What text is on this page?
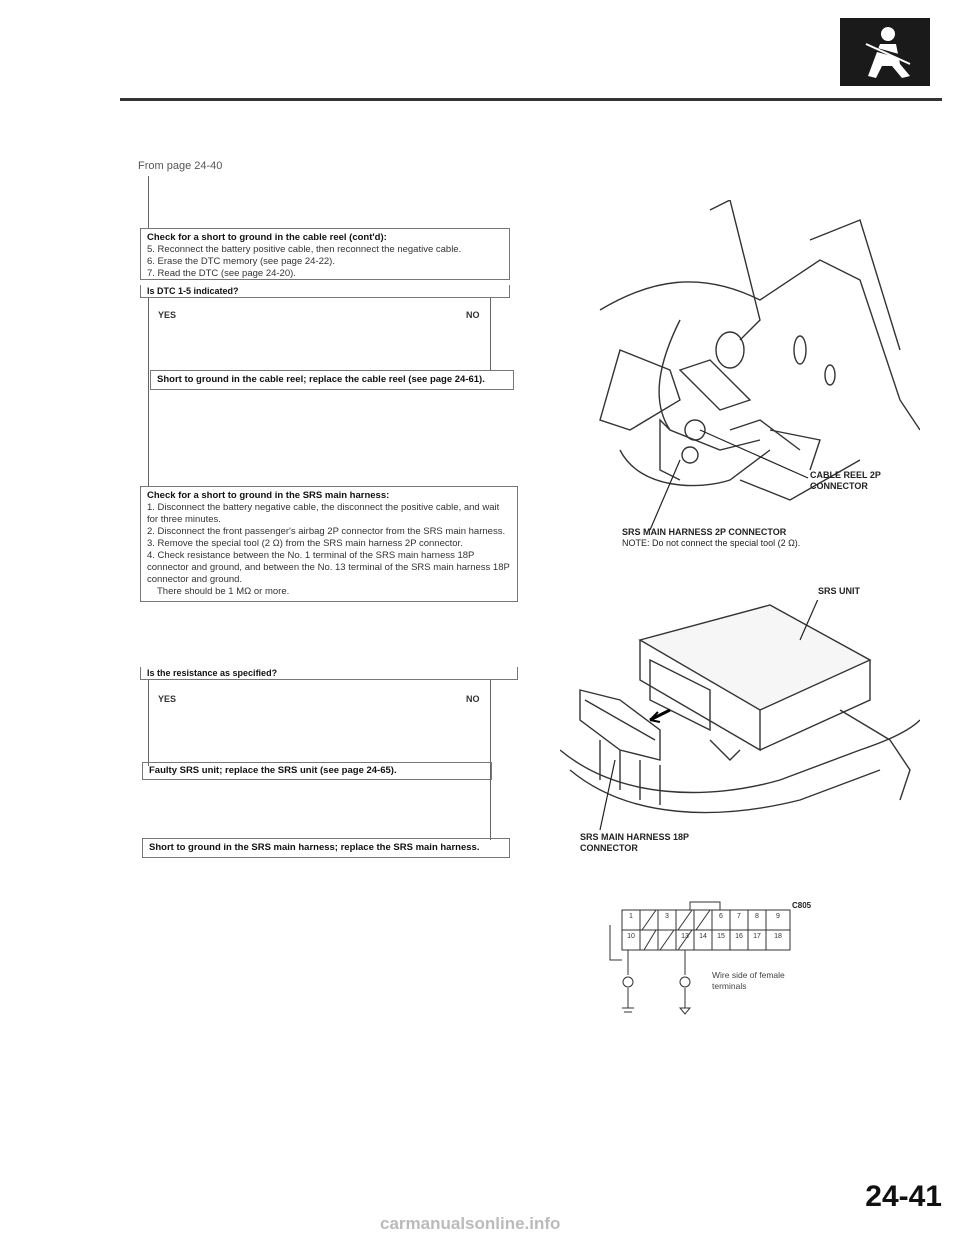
From page 24-40
Check for a short to ground in the cable reel (cont'd):
5. Reconnect the battery positive cable, then reconnect the negative cable.
6. Erase the DTC memory (see page 24-22).
7. Read the DTC (see page 24-20).
Is DTC 1-5 indicated?
YES	NO
Short to ground in the cable reel; replace the cable reel (see page 24-61).
Check for a short to ground in the SRS main harness:
1. Disconnect the battery negative cable, the disconnect the positive cable, and wait for three minutes.
2. Disconnect the front passenger's airbag 2P connector from the SRS main harness.
3. Remove the special tool (2 Ω) from the SRS main harness 2P connector.
4. Check resistance between the No. 1 terminal of the SRS main harness 18P connector and ground, and between the No. 13 terminal of the SRS main harness 18P connector and ground.
There should be 1 MΩ or more.
Is the resistance as specified?
YES	NO
Faulty SRS unit; replace the SRS unit (see page 24-65).
Short to ground in the SRS main harness; replace the SRS main harness.
CABLE REEL 2P CONNECTOR
SRS MAIN HARNESS 2P CONNECTOR
NOTE: Do not connect the special tool (2 Ω).
SRS UNIT
SRS MAIN HARNESS 18P CONNECTOR
1	3	6	7	8	9
10	13	14	15	16	17	18
C805
Wire side of female terminals
24-41
carmanualsonline.info
